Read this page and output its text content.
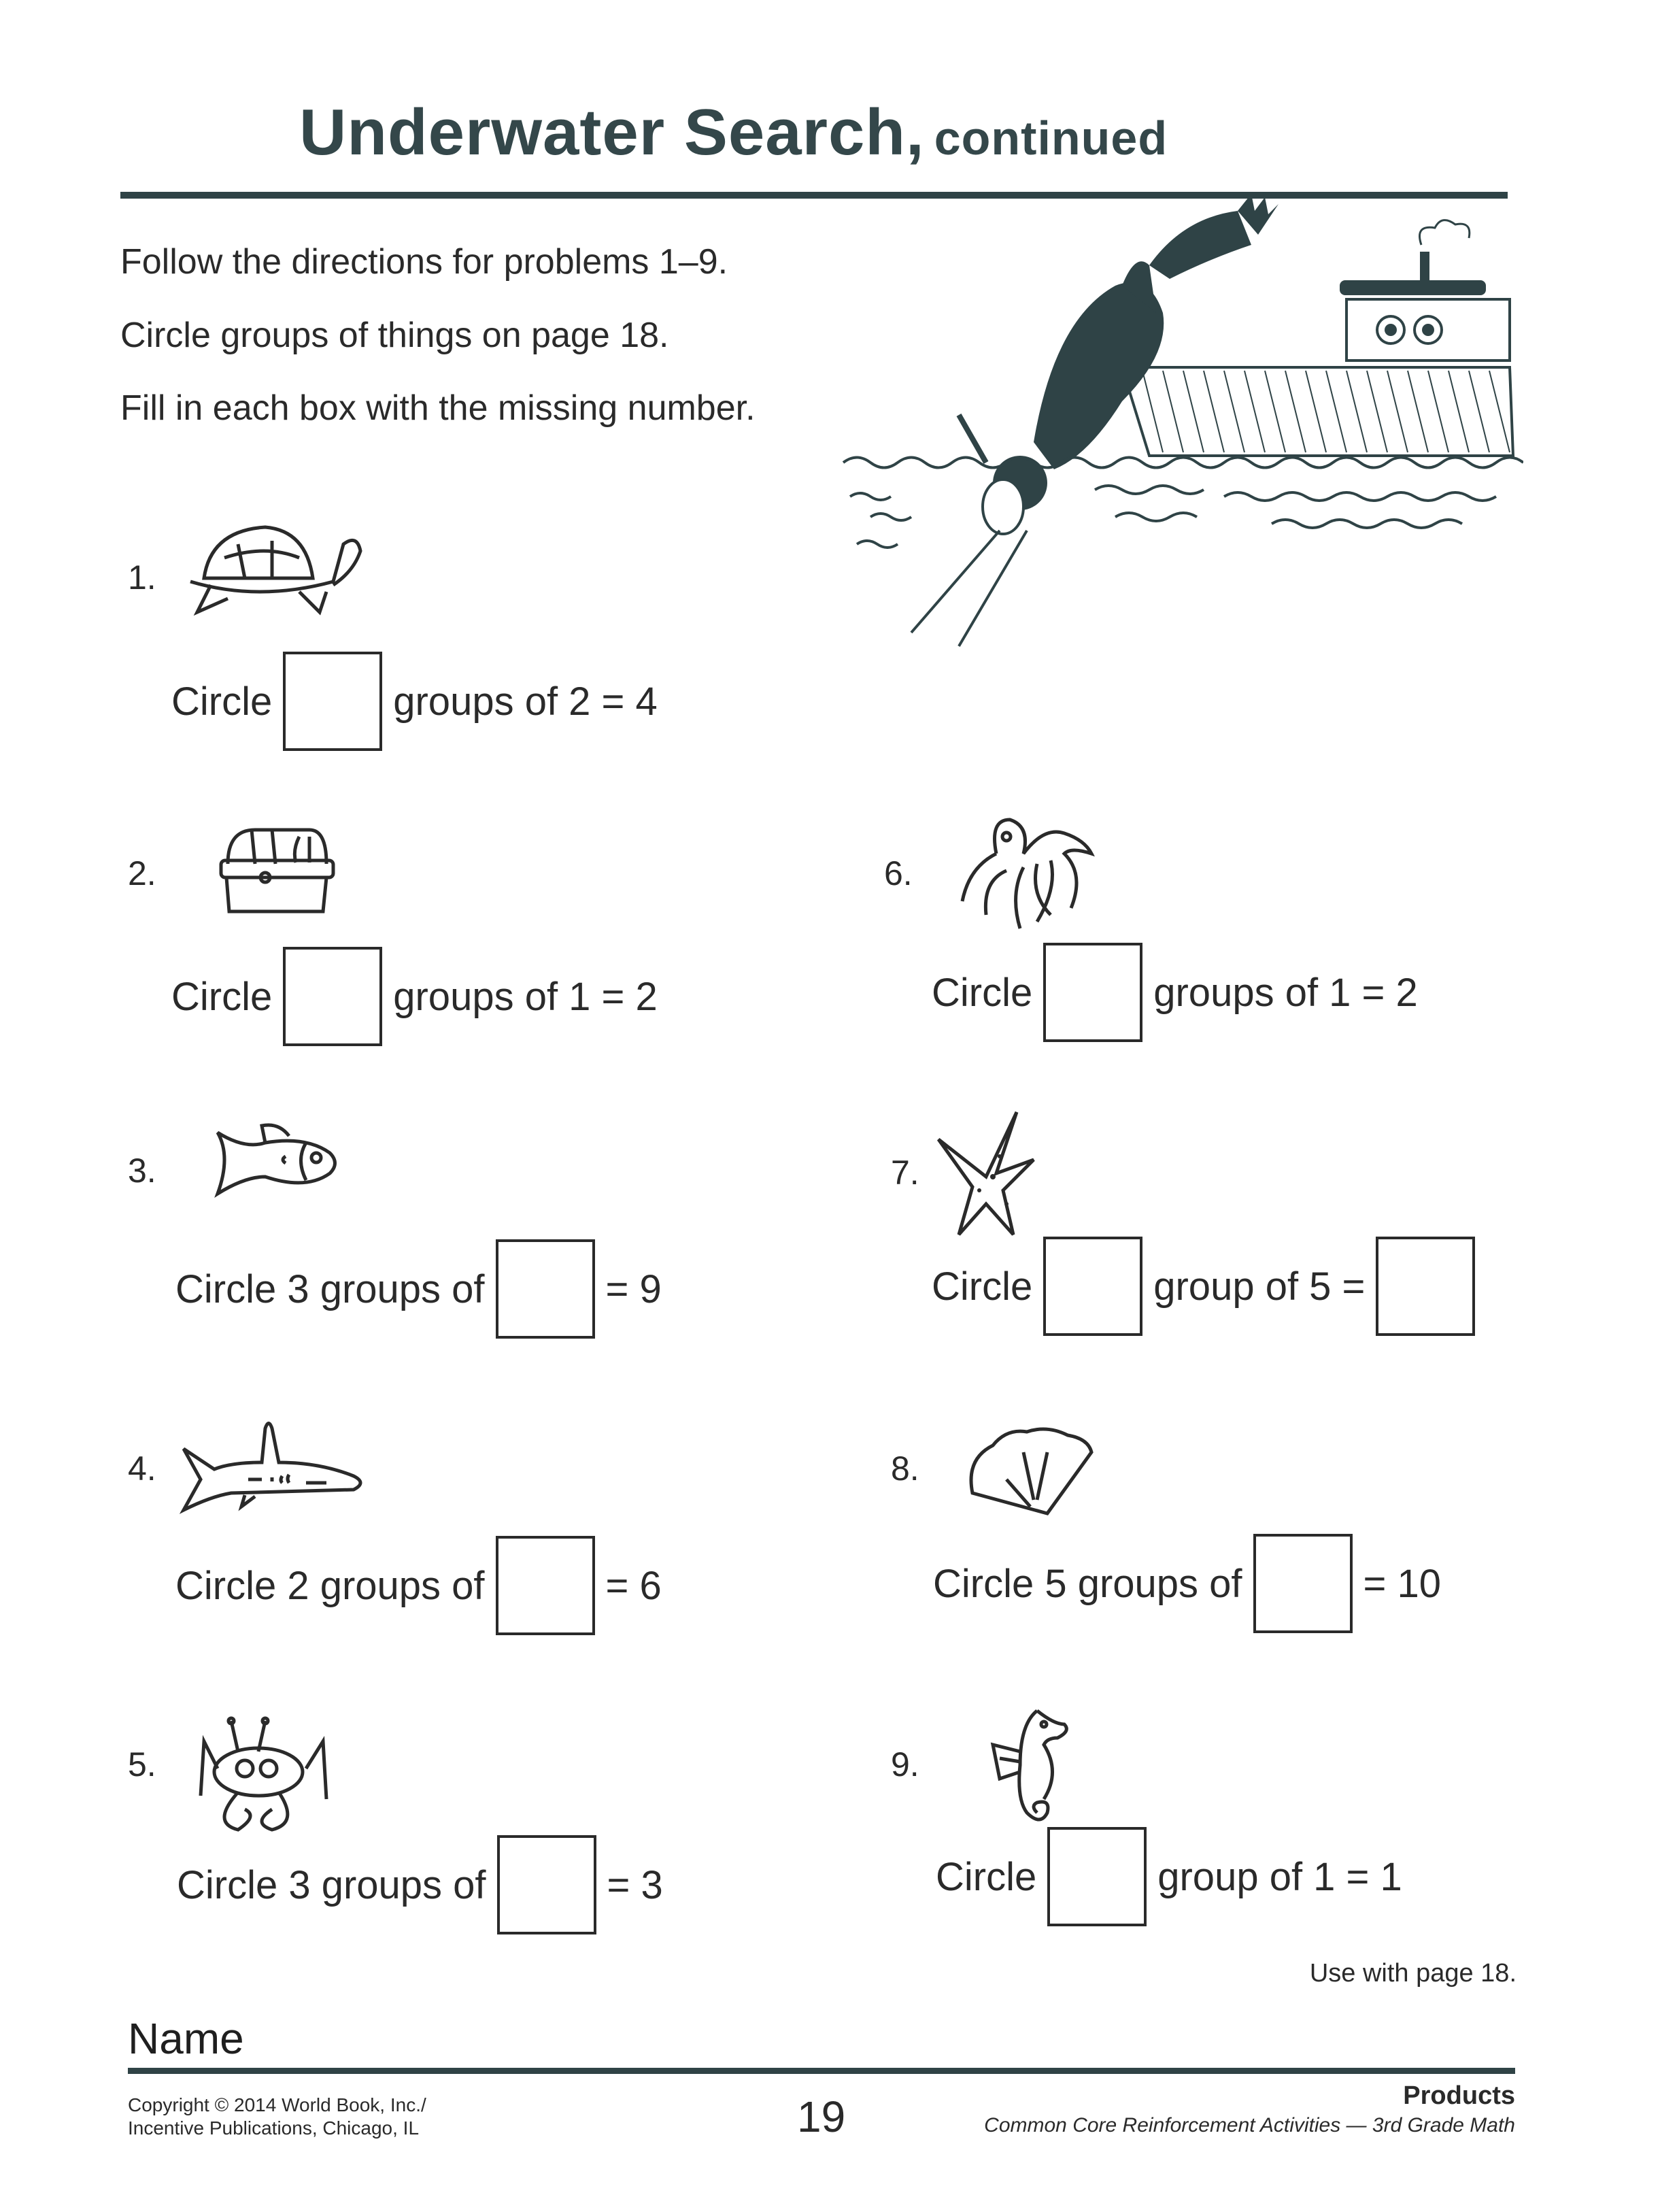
Underwater Search, continued
Follow the directions for problems 1–9.
Circle groups of things on page 18.
Fill in each box with the missing number.
1.
Circle	groups of 2 = 4
2.
Circle	groups of 1 = 2
3.
Circle 3 groups of	= 9
4.
Circle 2 groups of	= 6
5.
Circle 3 groups of	= 3
6.
Circle	groups of 1 = 2
7.
Circle	group of 5 =
8.
Circle 5 groups of	= 10
9.
Circle	group of 1 = 1
Use with page 18.
Name
Copyright © 2014 World Book, Inc./
Incentive Publications, Chicago, IL	19	Products
Common Core Reinforcement Activities — 3rd Grade Math
